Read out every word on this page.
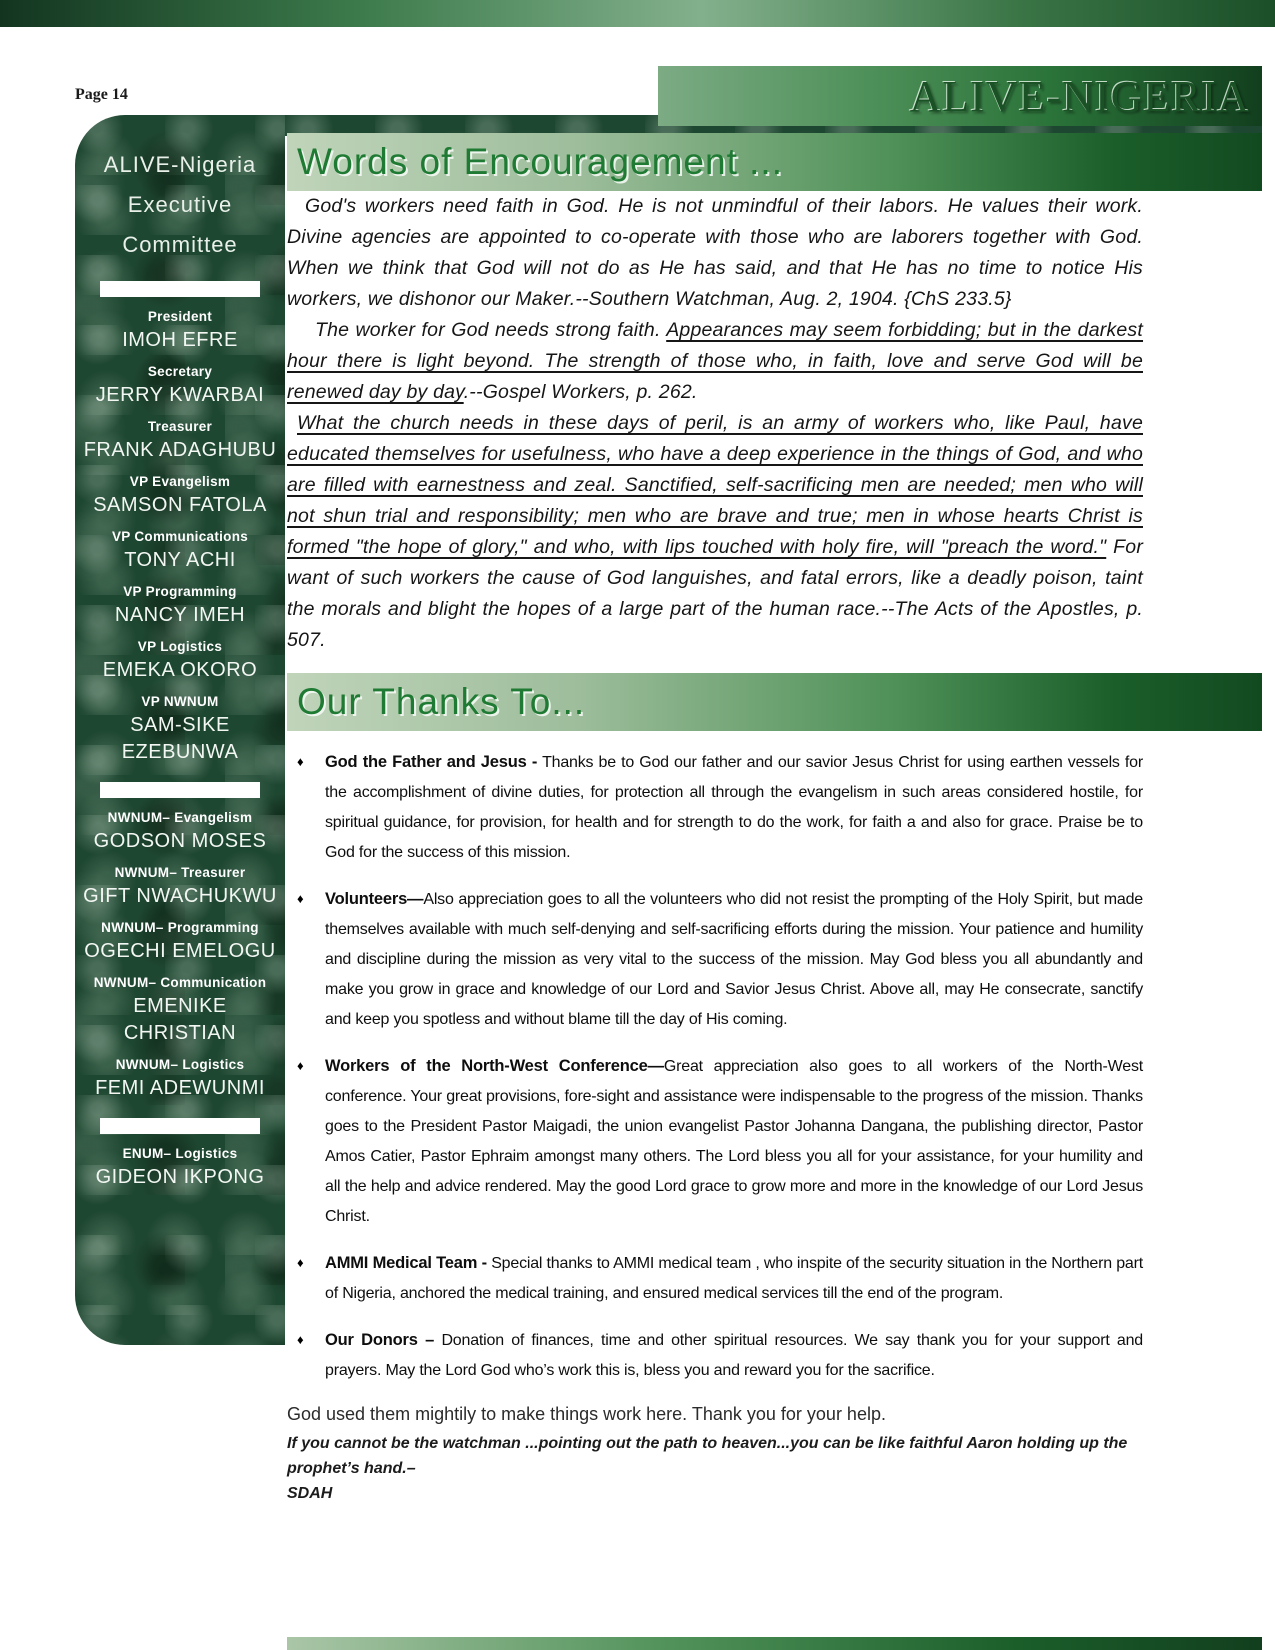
Page 14	ALIVE-NIGERIA
ALIVE-Nigeria
Executive
Committee
President
IMOH EFRE
Secretary
JERRY KWARBAI
Treasurer
FRANK ADAGHUBU
VP Evangelism
SAMSON FATOLA
VP Communications
TONY ACHI
VP Programming
NANCY IMEH
VP Logistics
EMEKA OKORO
VP NWNUM
SAM-SIKE EZEBUNWA
NWNUM– Evangelism
GODSON MOSES
NWNUM– Treasurer
GIFT NWACHUKWU
NWNUM– Programming
OGECHI EMELOGU
NWNUM– Communication
EMENIKE CHRISTIAN
NWNUM– Logistics
FEMI ADEWUNMI
ENUM– Logistics
GIDEON IKPONG
Words of Encouragement ...

God's workers need faith in God. He is not unmindful of their labors. He values their work. Divine agencies are appointed to co-operate with those who are laborers together with God. When we think that God will not do as He has said, and that He has no time to notice His workers, we dishonor our Maker.--Southern Watchman, Aug. 2, 1904. {ChS 233.5}

The worker for God needs strong faith. Appearances may seem forbidding; but in the darkest hour there is light beyond. The strength of those who, in faith, love and serve God will be renewed day by day.--Gospel Workers, p. 262.

What the church needs in these days of peril, is an army of workers who, like Paul, have educated themselves for usefulness, who have a deep experience in the things of God, and who are filled with earnestness and zeal. Sanctified, self-sacrificing men are needed; men who will not shun trial and responsibility; men who are brave and true; men in whose hearts Christ is formed "the hope of glory," and who, with lips touched with holy fire, will "preach the word." For want of such workers the cause of God languishes, and fatal errors, like a deadly poison, taint the morals and blight the hopes of a large part of the human race.--The Acts of the Apostles, p. 507.

Our Thanks To...
♦	God the Father and Jesus - Thanks be to God our father and our savior Jesus Christ for using earthen vessels for the accomplishment of divine duties, for protection all through the evangelism in such areas considered hostile, for spiritual guidance, for provision, for health and for strength to do the work, for faith a and also for grace. Praise be to God for the success of this mission.
♦	Volunteers—Also appreciation goes to all the volunteers who did not resist the prompting of the Holy Spirit, but made themselves available with much self-denying and self-sacrificing efforts during the mission. Your patience and humility and discipline during the mission as very vital to the success of the mission. May God bless you all abundantly and make you grow in grace and knowledge of our Lord and Savior Jesus Christ. Above all, may He consecrate, sanctify and keep you spotless and without blame till the day of His coming.
♦	Workers of the North-West Conference—Great appreciation also goes to all workers of the North-West conference. Your great provisions, fore-sight and assistance were indispensable to the progress of the mission. Thanks goes to the President Pastor Maigadi, the union evangelist Pastor Johanna Dangana, the publishing director, Pastor Amos Catier, Pastor Ephraim amongst many others. The Lord bless you all for your assistance, for your humility and all the help and advice rendered. May the good Lord grace to grow more and more in the knowledge of our Lord Jesus Christ.
♦	AMMI Medical Team - Special thanks to AMMI medical team , who inspite of the security situation in the Northern part of Nigeria, anchored the medical training, and ensured medical services till the end of the program.
♦	Our Donors – Donation of finances, time and other spiritual resources. We say thank you for your support and prayers. May the Lord God who’s work this is, bless you and reward you for the sacrifice.
God used them mightily to make things work here. Thank you for your help.
If you cannot be the watchman ...pointing out the path to heaven...you can be like faithful Aaron holding up the prophet’s hand.–
SDAH
